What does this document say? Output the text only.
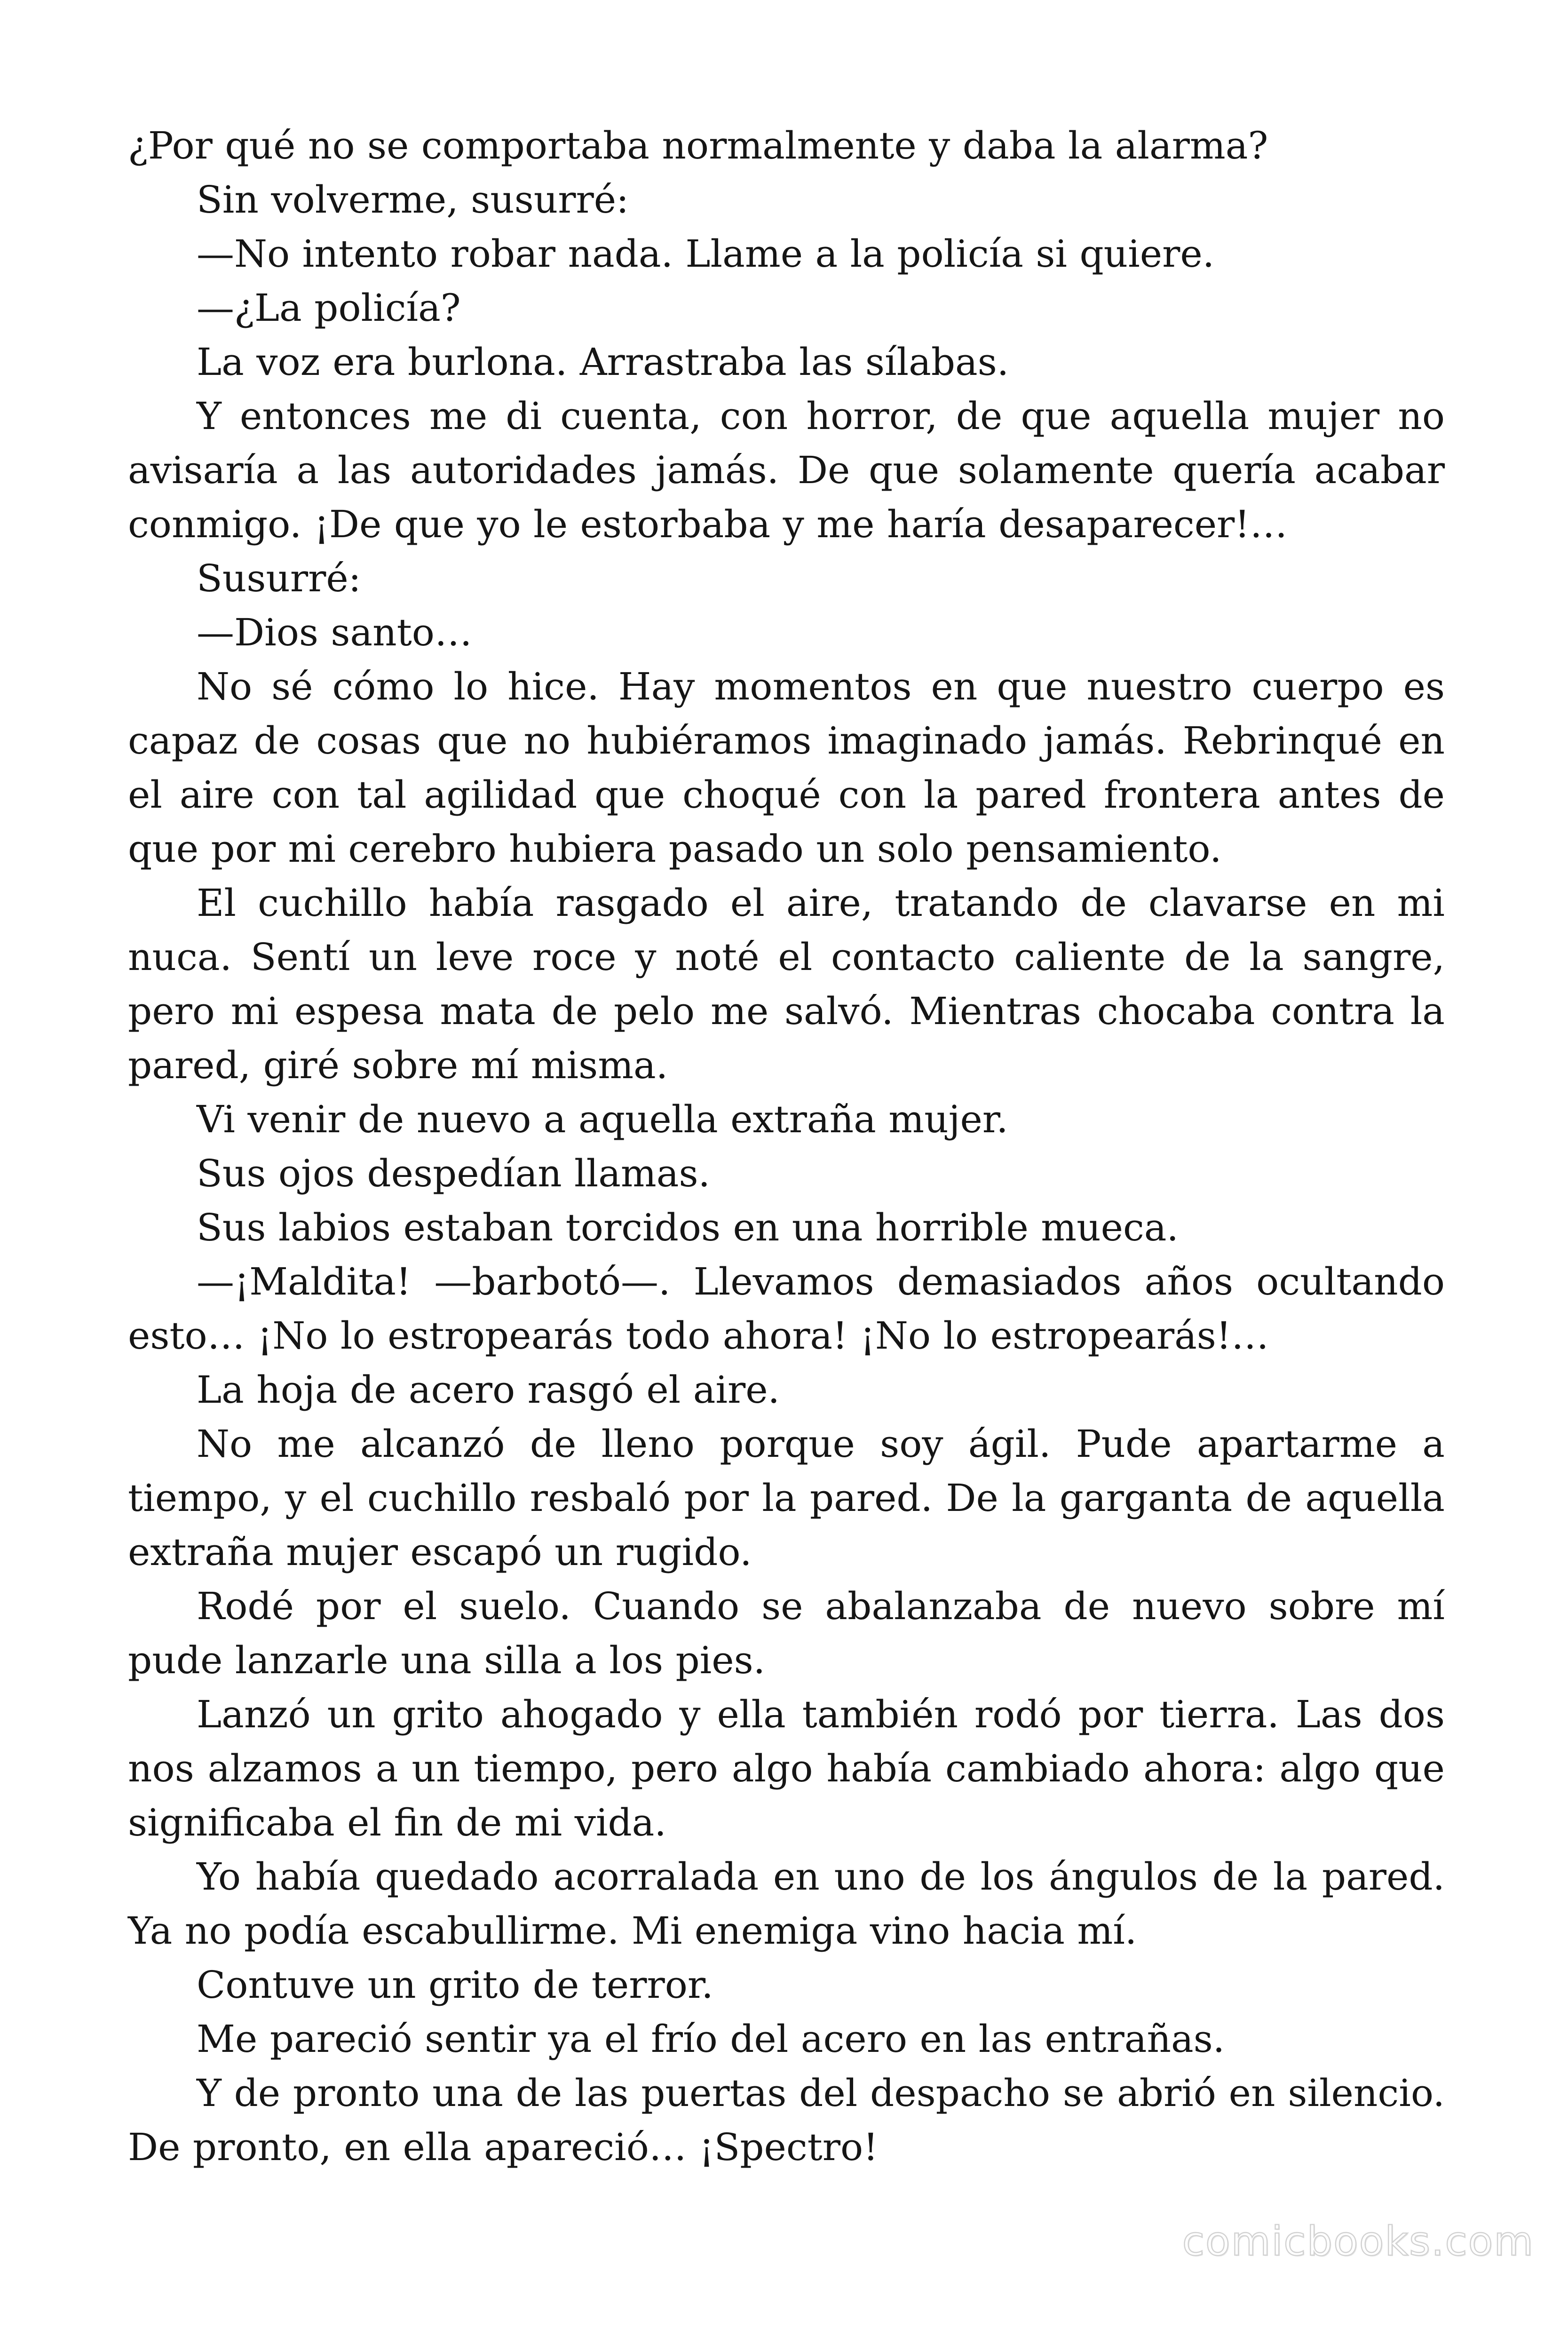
¿Por qué no se comportaba normalmente y daba la alarma?

Sin volverme, susurré:

—No intento robar nada. Llame a la policía si quiere.

—¿La policía?

La voz era burlona. Arrastraba las sílabas.

Y entonces me di cuenta, con horror, de que aquella mujer no avisaría a las autoridades jamás. De que solamente quería acabar conmigo. ¡De que yo le estorbaba y me haría desaparecer!…

Susurré:

—Dios santo…

No sé cómo lo hice. Hay momentos en que nuestro cuerpo es capaz de cosas que no hubiéramos imaginado jamás. Rebrinqué en el aire con tal agilidad que choqué con la pared frontera antes de que por mi cerebro hubiera pasado un solo pensamiento.

El cuchillo había rasgado el aire, tratando de clavarse en mi nuca. Sentí un leve roce y noté el contacto caliente de la sangre, pero mi espesa mata de pelo me salvó. Mientras chocaba contra la pared, giré sobre mí misma.

Vi venir de nuevo a aquella extraña mujer.

Sus ojos despedían llamas.

Sus labios estaban torcidos en una horrible mueca.

—¡Maldita! —barbotó—. Llevamos demasiados años ocultando esto… ¡No lo estropearás todo ahora! ¡No lo estropearás!…

La hoja de acero rasgó el aire.

No me alcanzó de lleno porque soy ágil. Pude apartarme a tiempo, y el cuchillo resbaló por la pared. De la garganta de aquella extraña mujer escapó un rugido.

Rodé por el suelo. Cuando se abalanzaba de nuevo sobre mí pude lanzarle una silla a los pies.

Lanzó un grito ahogado y ella también rodó por tierra. Las dos nos alzamos a un tiempo, pero algo había cambiado ahora: algo que significaba el fin de mi vida.

Yo había quedado acorralada en uno de los ángulos de la pared. Ya no podía escabullirme. Mi enemiga vino hacia mí.

Contuve un grito de terror.

Me pareció sentir ya el frío del acero en las entrañas.

Y de pronto una de las puertas del despacho se abrió en silencio. De pronto, en ella apareció… ¡Spectro!

comicbooks.com
